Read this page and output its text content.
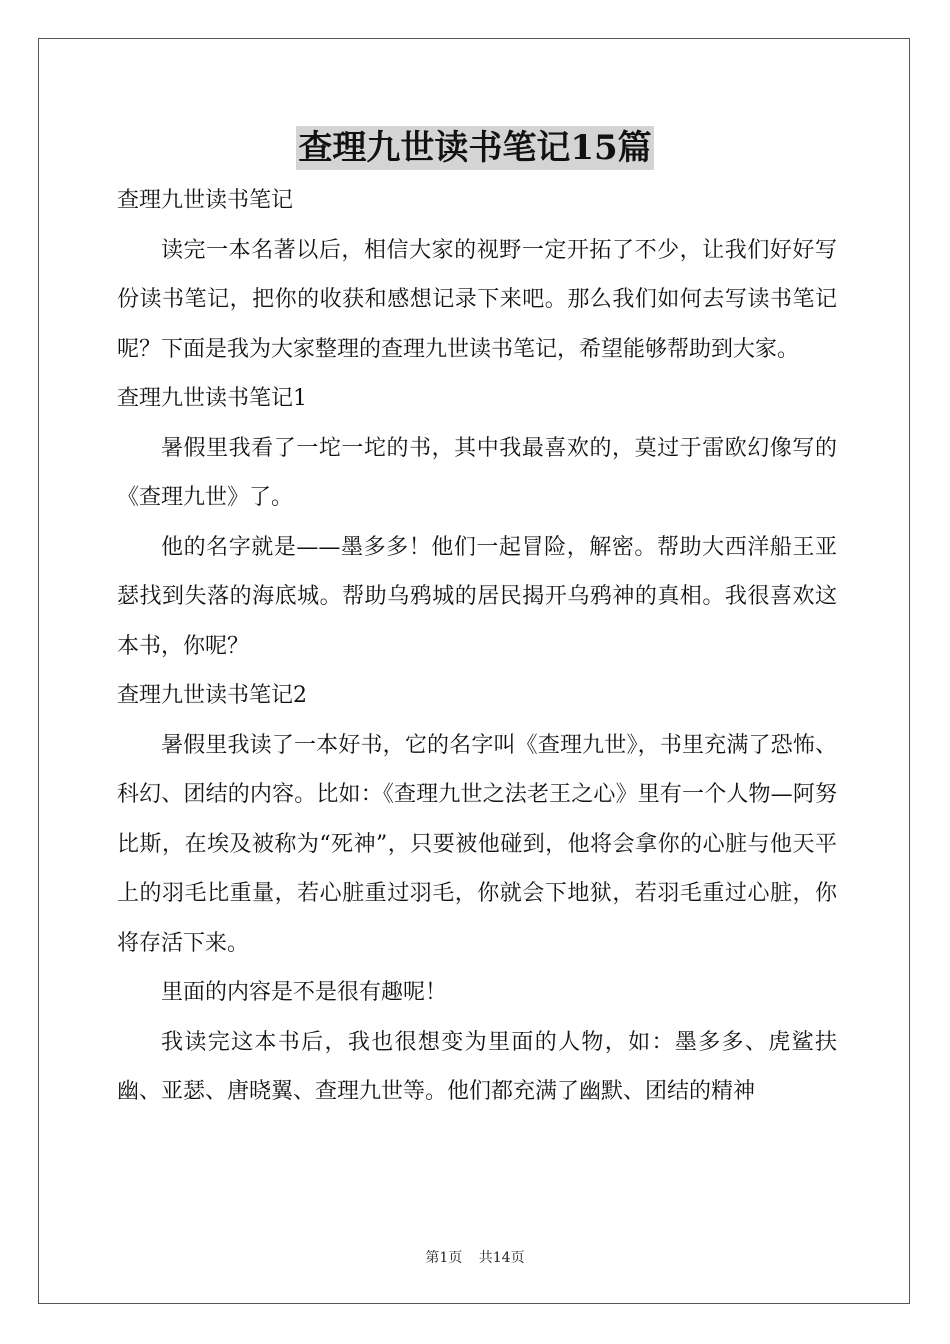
查理九世读书笔记15篇

查理九世读书笔记

读完一本名著以后，相信大家的视野一定开拓了不少，让我们好好写份读书笔记，把你的收获和感想记录下来吧。那么我们如何去写读书笔记呢？下面是我为大家整理的查理九世读书笔记，希望能够帮助到大家。

查理九世读书笔记1

暑假里我看了一坨一坨的书，其中我最喜欢的，莫过于雷欧幻像写的《查理九世》了。

他的名字就是——墨多多！他们一起冒险，解密。帮助大西洋船王亚瑟找到失落的海底城。帮助乌鸦城的居民揭开乌鸦神的真相。我很喜欢这本书，你呢？

查理九世读书笔记2

暑假里我读了一本好书，它的名字叫《查理九世》，书里充满了恐怖、科幻、团结的内容。比如：《查理九世之法老王之心》里有一个人物—阿努比斯，在埃及被称为“死神”，只要被他碰到，他将会拿你的心脏与他天平上的羽毛比重量，若心脏重过羽毛，你就会下地狱，若羽毛重过心脏，你将存活下来。

里面的内容是不是很有趣呢！

我读完这本书后，我也很想变为里面的人物，如：墨多多、虎鲨扶幽、亚瑟、唐晓翼、查理九世等。他们都充满了幽默、团结的精神

第1页 共14页
